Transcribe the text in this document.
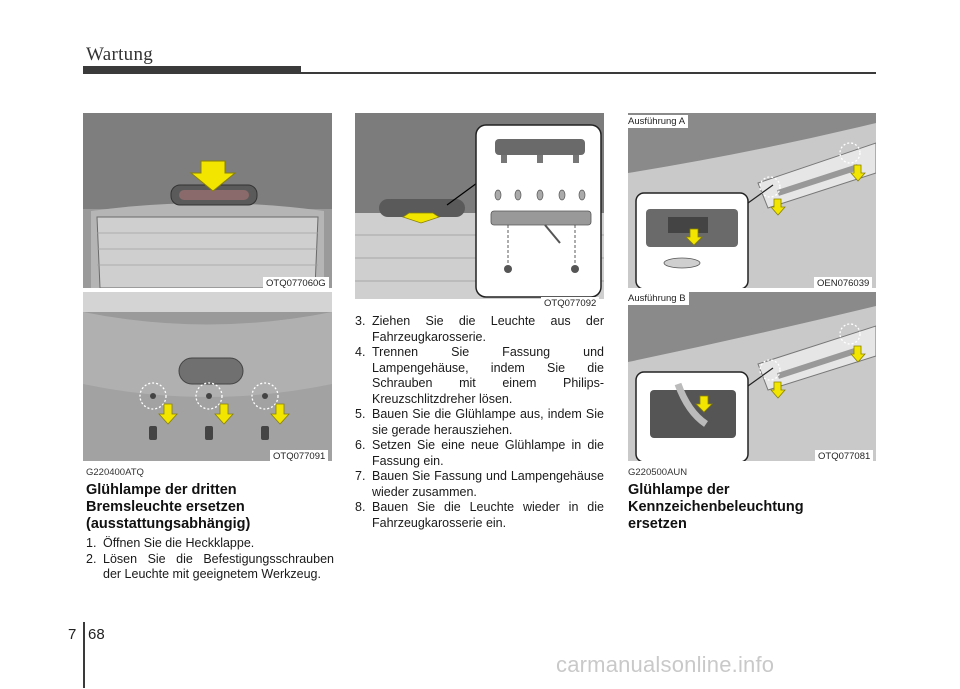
Wartung
OTQ077060G
OTQ077091
OTQ077092
Ausführung A
OEN076039
Ausführung B
OTQ077081
G220400ATQ
Glühlampe der dritten Bremsleuchte ersetzen (ausstattungsabhängig)
1. Öffnen Sie die Heckklappe.
2. Lösen Sie die Befestigungsschrauben der Leuchte mit geeignetem Werkzeug.
3. Ziehen Sie die Leuchte aus der Fahrzeugkarosserie.
4. Trennen Sie Fassung und Lampengehäuse, indem Sie die Schrauben mit einem Philips-Kreuzschlitzdreher lösen.
5. Bauen Sie die Glühlampe aus, indem Sie sie gerade herausziehen.
6. Setzen Sie eine neue Glühlampe in die Fassung ein.
7. Bauen Sie Fassung und Lampengehäuse wieder zusammen.
8. Bauen Sie die Leuchte wieder in die Fahrzeugkarosserie ein.
G220500AUN
Glühlampe der Kennzeichenbeleuchtung ersetzen
7 68
carmanualsonline.info
